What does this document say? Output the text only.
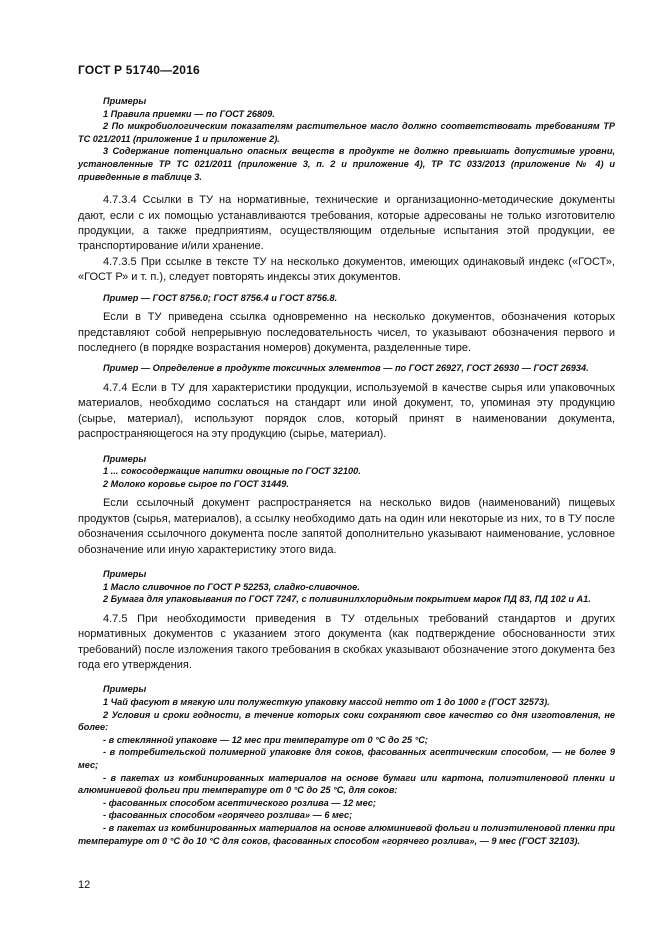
ГОСТ Р 51740—2016
Примеры
1 Правила приемки — по ГОСТ 26809.
2 По микробиологическим показателям растительное масло должно соответствовать требованиям ТР ТС 021/2011 (приложение 1 и приложение 2).
3 Содержание потенциально опасных веществ в продукте не должно превышать допустимые уровни, установленные ТР ТС 021/2011 (приложение 3, п. 2 и приложение 4), ТР ТС 033/2013 (приложение № 4) и приведенные в таблице 3.
4.7.3.4 Ссылки в ТУ на нормативные, технические и организационно-методические документы дают, если с их помощью устанавливаются требования, которые адресованы не только изготовителю продукции, а также предприятиям, осуществляющим отдельные испытания этой продукции, ее транспортирование и/или хранение.
4.7.3.5 При ссылке в тексте ТУ на несколько документов, имеющих одинаковый индекс («ГОСТ», «ГОСТ Р» и т. п.), следует повторять индексы этих документов.
Пример — ГОСТ 8756.0; ГОСТ 8756.4 и ГОСТ 8756.8.
Если в ТУ приведена ссылка одновременно на несколько документов, обозначения которых представляют собой непрерывную последовательность чисел, то указывают обозначения первого и последнего (в порядке возрастания номеров) документа, разделенные тире.
Пример — Определение в продукте токсичных элементов — по ГОСТ 26927, ГОСТ 26930 — ГОСТ 26934.
4.7.4 Если в ТУ для характеристики продукции, используемой в качестве сырья или упаковочных материалов, необходимо сослаться на стандарт или иной документ, то, упоминая эту продукцию (сырье, материал), используют порядок слов, который принят в наименовании документа, распространяющегося на эту продукцию (сырье, материал).
Примеры
1 ... сокосодержащие напитки овощные по ГОСТ 32100.
2 Молоко коровье сырое по ГОСТ 31449.
Если ссылочный документ распространяется на несколько видов (наименований) пищевых продуктов (сырья, материалов), а ссылку необходимо дать на один или некоторые из них, то в ТУ после обозначения ссылочного документа после запятой дополнительно указывают наименование, условное обозначение или иную характеристику этого вида.
Примеры
1 Масло сливочное по ГОСТ Р 52253, сладко-сливочное.
2 Бумага для упаковывания по ГОСТ 7247, с поливинилхлоридным покрытием марок ПД 83, ПД 102 и А1.
4.7.5 При необходимости приведения в ТУ отдельных требований стандартов и других нормативных документов с указанием этого документа (как подтверждение обоснованности этих требований) после изложения такого требования в скобках указывают обозначение этого документа без года его утверждения.
Примеры
1 Чай фасуют в мягкую или полужесткую упаковку массой нетто от 1 до 1000 г (ГОСТ 32573).
2 Условия и сроки годности, в течение которых соки сохраняют свое качество со дня изготовления, не более:
- в стеклянной упаковке — 12 мес при температуре от 0 °С до 25 °С;
- в потребительской полимерной упаковке для соков, фасованных асептическим способом, — не более 9 мес;
- в пакетах из комбинированных материалов на основе бумаги или картона, полиэтиленовой пленки и алюминиевой фольги при температуре от 0 °С до 25 °С, для соков:
- фасованных способом асептического розлива — 12 мес;
- фасованных способом «горячего розлива» — 6 мес;
- в пакетах из комбинированных материалов на основе алюминиевой фольги и полиэтиленовой пленки при температуре от 0 °С до 10 °С для соков, фасованных способом «горячего розлива», — 9 мес (ГОСТ 32103).
12
